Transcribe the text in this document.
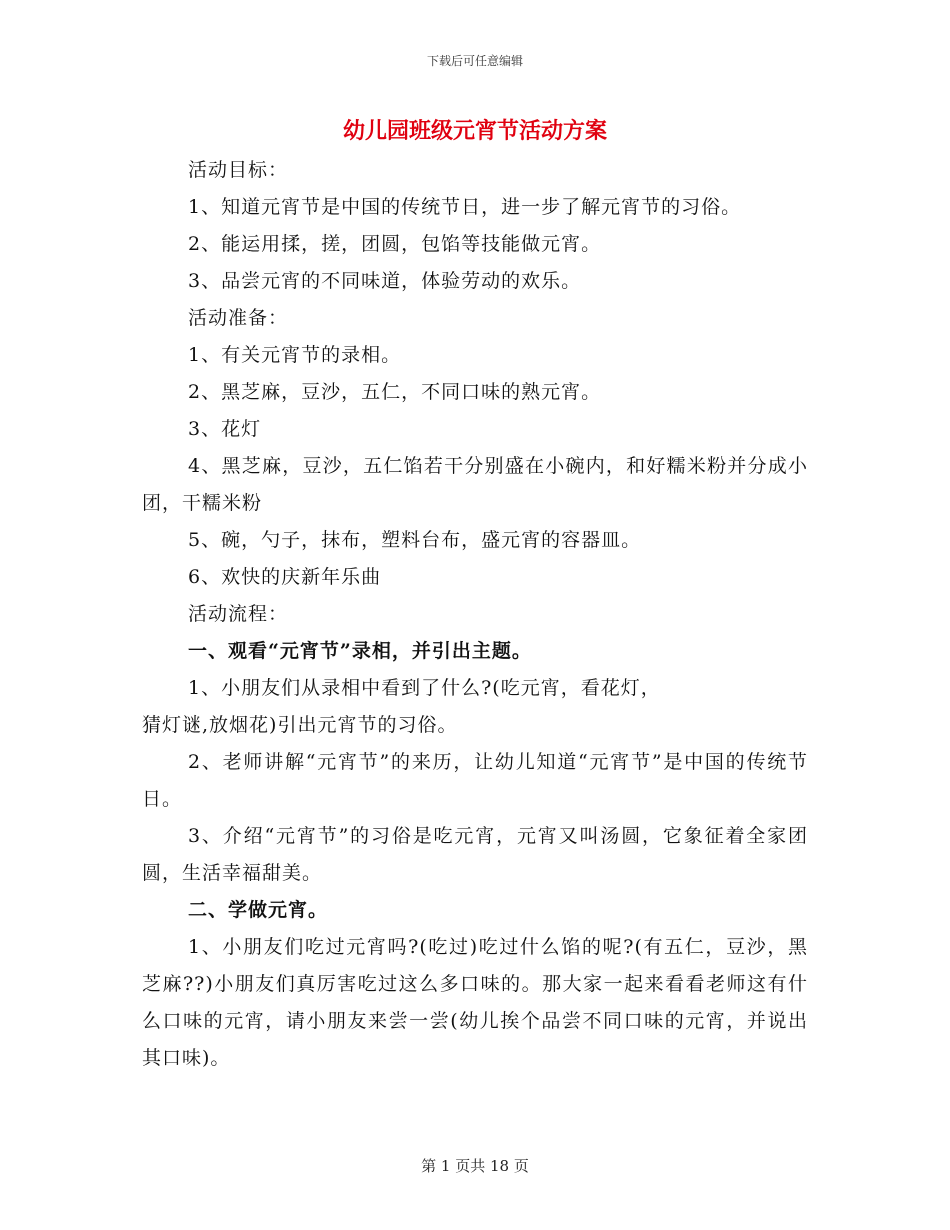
下载后可任意编辑
幼儿园班级元宵节活动方案

活动目标：

1、知道元宵节是中国的传统节日，进一步了解元宵节的习俗。

2、能运用揉，搓，团圆，包馅等技能做元宵。

3、品尝元宵的不同味道，体验劳动的欢乐。

活动准备：

1、有关元宵节的录相。

2、黑芝麻，豆沙，五仁，不同口味的熟元宵。

3、花灯

4、黑芝麻，豆沙，五仁馅若干分别盛在小碗内，和好糯米粉并分成小团，干糯米粉

5、碗，勺子，抹布，塑料台布，盛元宵的容器皿。

6、欢快的庆新年乐曲

活动流程：

一、观看“元宵节”录相，并引出主题。

1、小朋友们从录相中看到了什么?(吃元宵，看花灯，

猜灯谜,放烟花)引出元宵节的习俗。

2、老师讲解“元宵节”的来历，让幼儿知道“元宵节”是中国的传统节日。

3、介绍“元宵节”的习俗是吃元宵，元宵又叫汤圆，它象征着全家团圆，生活幸福甜美。

二、学做元宵。

1、小朋友们吃过元宵吗?(吃过)吃过什么馅的呢?(有五仁，豆沙，黑芝麻??)小朋友们真厉害吃过这么多口味的。那大家一起来看看老师这有什么口味的元宵，请小朋友来尝一尝(幼儿挨个品尝不同口味的元宵，并说出其口味)。

第 1 页共 18 页
